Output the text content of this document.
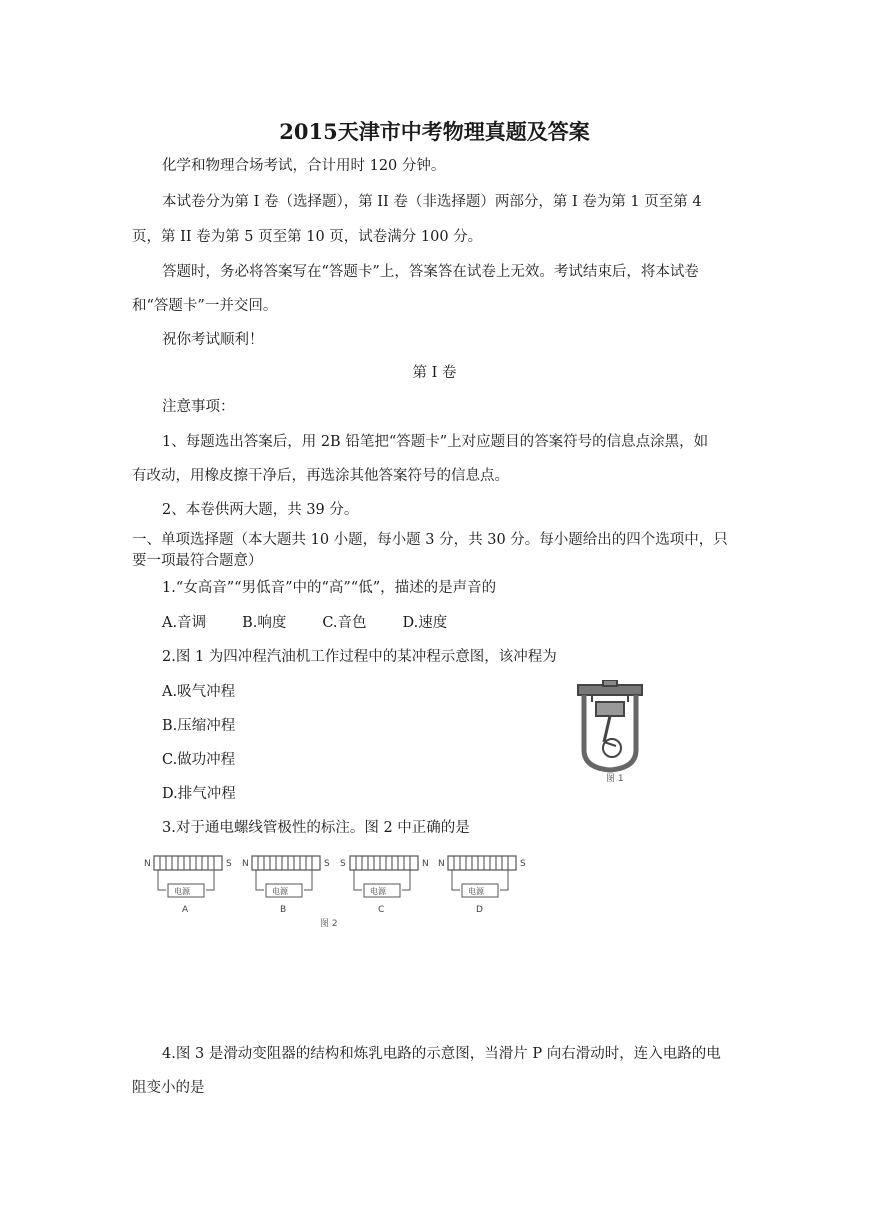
2015天津市中考物理真题及答案
化学和物理合场考试，合计用时 120 分钟。
本试卷分为第 I 卷（选择题），第 II 卷（非选择题）两部分，第 I 卷为第 1 页至第 4
页，第 II 卷为第 5 页至第 10 页，试卷满分 100 分。
答题时，务必将答案写在“答题卡”上，答案答在试卷上无效。考试结束后，将本试卷
和“答题卡”一并交回。
祝你考试顺利！
第 I 卷
注意事项：
1、每题选出答案后，用 2B 铅笔把“答题卡”上对应题目的答案符号的信息点涂黑，如
有改动，用橡皮擦干净后，再选涂其他答案符号的信息点。
2、本卷供两大题，共 39 分。
一、单项选择题（本大题共 10 小题，每小题 3 分，共 30 分。每小题给出的四个选项中，只
要一项最符合题意）
1.“女高音”“男低音”中的“高”“低”，描述的是声音的
A.音调 B.响度 C.音色 D.速度
2.图 1 为四冲程汽油机工作过程中的某冲程示意图，该冲程为
A.吸气冲程
B.压缩冲程
C.做功冲程
D.排气冲程
图 1
3.对于通电螺线管极性的标注。图 2 中正确的是
N	S
电源
A
N	S
电源
B
S	N
电源
C
N	S
电源
D
图 2
4.图 3 是滑动变阻器的结构和炼乳电路的示意图，当滑片 P 向右滑动时，连入电路的电
阻变小的是
